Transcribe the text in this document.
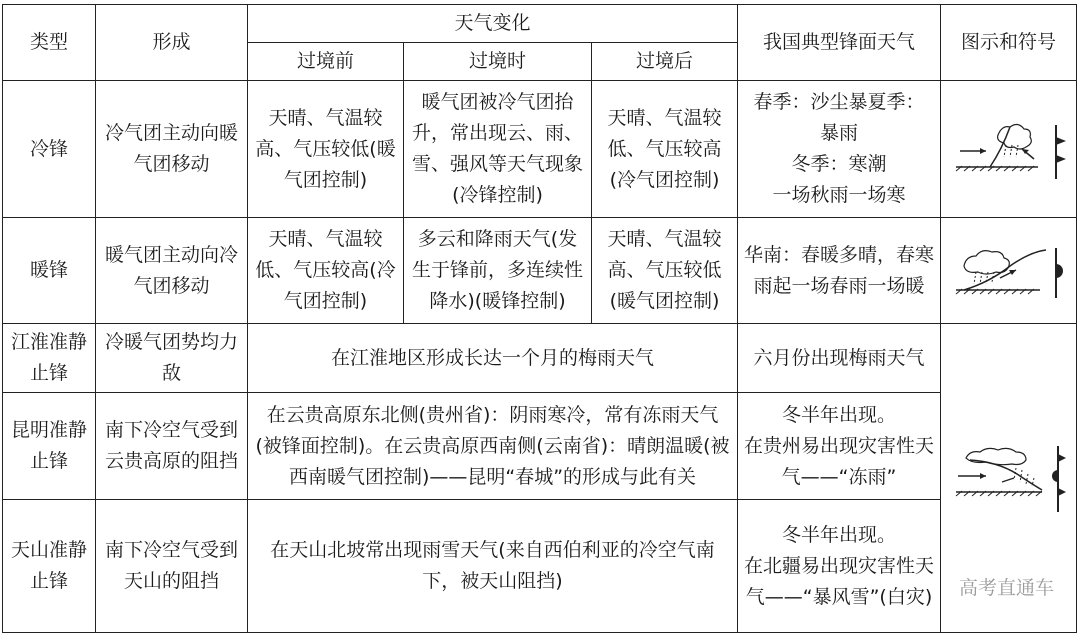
类型	形成	天气变化			我国典型锋面天气	图示和符号
		过境前	过境时	过境后		
冷锋	冷气团主动向暖气团移动	天晴、气温较高、气压较低(暖气团控制)	暖气团被冷气团抬升，常出现云、雨、雪、强风等天气现象(冷锋控制)	天晴、气温较低、气压较高(冷气团控制)	春季：沙尘暴夏季：
暴雨
冬季：寒潮
一场秋雨一场寒

暖锋	暖气团主动向冷气团移动	天晴、气温较低、气压较高(冷气团控制)	多云和降雨天气(发生于锋前，多连续性降水)(暖锋控制)	天晴、气温较高、气压较低(暖气团控制)	华南：春暖多晴，春寒雨起一场春雨一场暖	

江淮准静止锋	冷暖气团势均力敌	在江淮地区形成长达一个月的梅雨天气			六月份出现梅雨天气	

昆明准静止锋	南下冷空气受到云贵高原的阻挡	在云贵高原东北侧(贵州省)：阴雨寒冷，常有冻雨天气(被锋面控制)。在云贵高原西南侧(云南省)：晴朗温暖(被西南暖气团控制)——昆明“春城”的形成与此有关			冬半年出现。
在贵州易出现灾害性天气——“冻雨”	

天山准静止锋	南下冷空气受到天山的阻挡	在天山北坡常出现雨雪天气(来自西伯利亚的冷空气南下，被天山阻挡)			冬半年出现。
在北疆易出现灾害性天气——“暴风雪”(白灾)	高考直通车
